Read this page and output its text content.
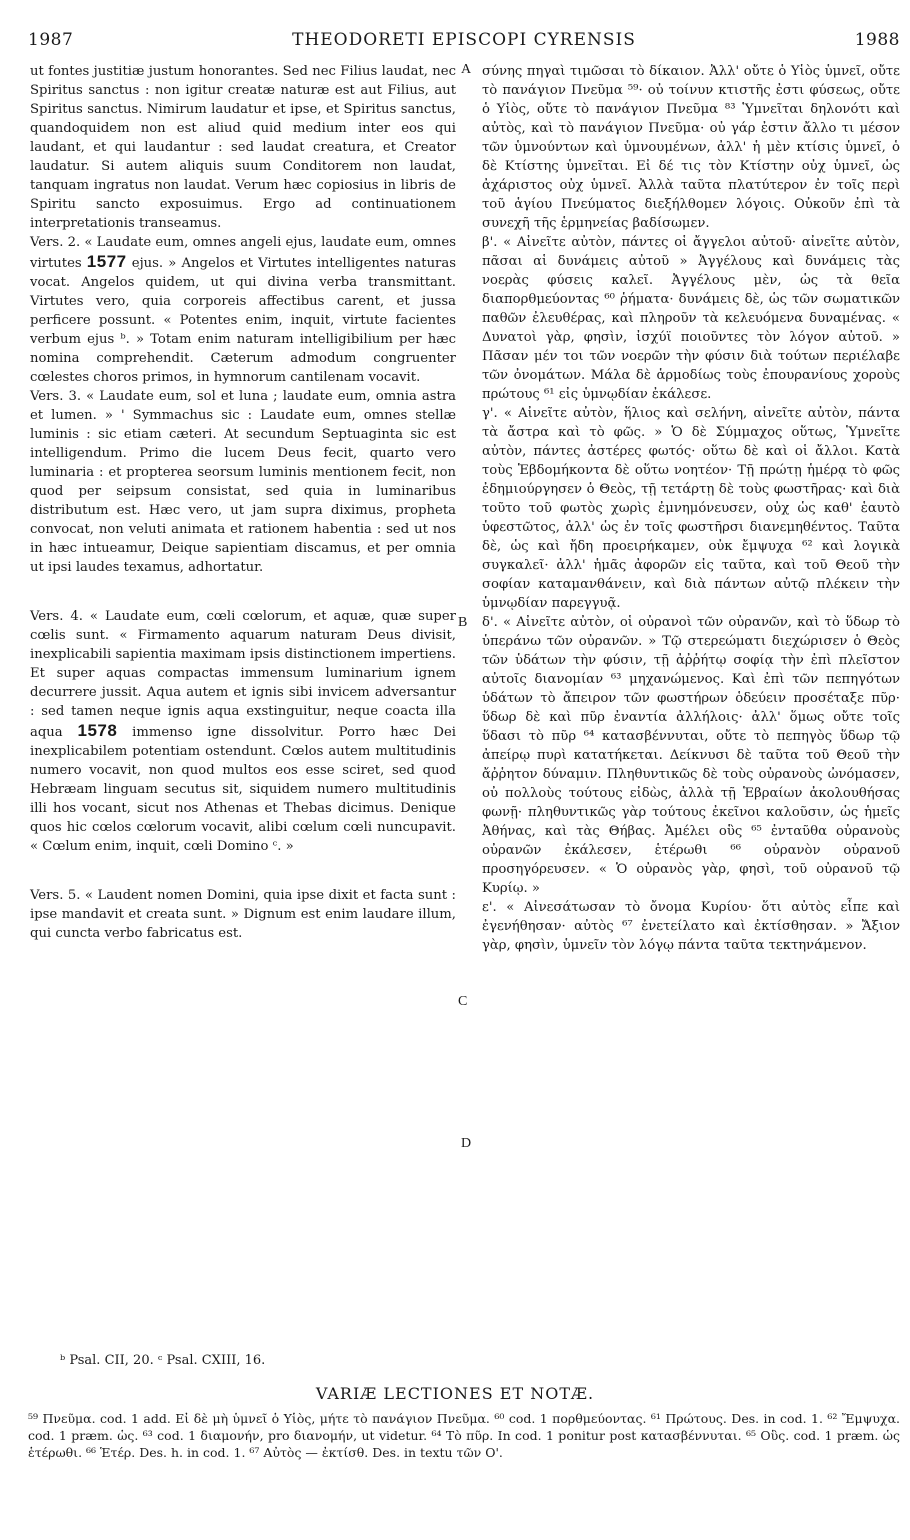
1987	THEODORETI EPISCOPI CYRENSIS	1988
A
B
C
D

ut fontes justitiæ justum honorantes. Sed nec Filius laudat, nec Spiritus sanctus : non igitur creatæ naturæ est aut Filius, aut Spiritus sanctus. Nimirum laudatur et ipse, et Spiritus sanctus, quandoquidem non est aliud quid medium inter eos qui laudant, et qui laudantur : sed laudat creatura, et Creator laudatur. Si autem aliquis suum Conditorem non laudat, tanquam ingratus non laudat. Verum hæc copiosius in libris de Spiritu sancto exposuimus. Ergo ad continuationem interpretationis transeamus.

Vers. 2. « Laudate eum, omnes angeli ejus, laudate eum, omnes virtutes 1577 ejus. » Angelos et Virtutes intelligentes naturas vocat. Angelos quidem, ut qui divina verba transmittant. Virtutes vero, quia corporeis affectibus carent, et jussa perficere possunt. « Potentes enim, inquit, virtute facientes verbum ejus ᵇ. » Totam enim naturam intelligibilium per hæc nomina comprehendit. Cæterum admodum congruenter cœlestes choros primos, in hymnorum cantilenam vocavit.

Vers. 3. « Laudate eum, sol et luna ; laudate eum, omnia astra et lumen. » ' Symmachus sic : Laudate eum, omnes stellæ luminis : sic etiam cæteri. At secundum Septuaginta sic est intelligendum. Primo die lucem Deus fecit, quarto vero luminaria : et propterea seorsum luminis mentionem fecit, non quod per seipsum consistat, sed quia in luminaribus distributum est. Hæc vero, ut jam supra diximus, propheta convocat, non veluti animata et rationem habentia : sed ut nos in hæc intueamur, Deique sapientiam discamus, et per omnia ut ipsi laudes texamus, adhortatur.

Vers. 4. « Laudate eum, cœli cœlorum, et aquæ, quæ super cœlis sunt. « Firmamento aquarum naturam Deus divisit, inexplicabili sapientia maximam ipsis distinctionem impertiens. Et super aquas compactas immensum luminarium ignem decurrere jussit. Aqua autem et ignis sibi invicem adversantur : sed tamen neque ignis aqua exstinguitur, neque coacta illa aqua 1578 immenso igne dissolvitur. Porro hæc Dei inexplicabilem potentiam ostendunt. Cœlos autem multitudinis numero vocavit, non quod multos eos esse sciret, sed quod Hebræam linguam secutus sit, siquidem numero multitudinis illi hos vocant, sicut nos Athenas et Thebas dicimus. Denique quos hic cœlos cœlorum vocavit, alibi cœlum cœli nuncupavit. « Cœlum enim, inquit, cœli Domino ᶜ. »

Vers. 5. « Laudent nomen Domini, quia ipse dixit et facta sunt : ipse mandavit et creata sunt. » Dignum est enim laudare illum, qui cuncta verbo fabricatus est.

ᵇ Psal. CII, 20. ᶜ Psal. CXIII, 16.

σύνης πηγαὶ τιμῶσαι τὸ δίκαιον. Ἀλλ' οὔτε ὁ Υἱὸς ὑμνεῖ, οὔτε τὸ πανάγιον Πνεῦμα ⁵⁹· οὐ τοίνυν κτιστῆς ἐστι φύσεως, οὔτε ὁ Υἱὸς, οὔτε τὸ πανάγιον Πνεῦμα ⁸³ Ὑμνεῖται δηλονότι καὶ αὐτὸς, καὶ τὸ πανάγιον Πνεῦμα· οὐ γάρ ἐστιν ἄλλο τι μέσον τῶν ὑμνούντων καὶ ὑμνουμένων, ἀλλ' ἡ μὲν κτίσις ὑμνεῖ, ὁ δὲ Κτίστης ὑμνεῖται. Εἰ δέ τις τὸν Κτίστην οὐχ ὑμνεῖ, ὡς ἀχάριστος οὐχ ὑμνεῖ. Ἀλλὰ ταῦτα πλατύτερον ἐν τοῖς περὶ τοῦ ἁγίου Πνεύματος διεξήλθομεν λόγοις. Οὐκοῦν ἐπὶ τὰ συνεχῆ τῆς ἑρμηνείας βαδίσωμεν.

β'. « Αἰνεῖτε αὐτὸν, πάντες οἱ ἄγγελοι αὐτοῦ· αἰνεῖτε αὐτὸν, πᾶσαι αἱ δυνάμεις αὐτοῦ » Ἀγγέλους καὶ δυνάμεις τὰς νοερὰς φύσεις καλεῖ. Ἀγγέλους μὲν, ὡς τὰ θεῖα διαπορθμεύοντας ⁶⁰ ῥήματα· δυνάμεις δὲ, ὡς τῶν σωματικῶν παθῶν ἐλευθέρας, καὶ πληροῦν τὰ κελευόμενα δυναμένας. « Δυνατοὶ γὰρ, φησὶν, ἰσχύϊ ποιοῦντες τὸν λόγον αὐτοῦ. » Πᾶσαν μέν τοι τῶν νοερῶν τὴν φύσιν διὰ τούτων περιέλαβε τῶν ὀνομάτων. Μάλα δὲ ἁρμοδίως τοὺς ἐπουρανίους χοροὺς πρώτους ⁶¹ εἰς ὑμνῳδίαν ἐκάλεσε.

γ'. « Αἰνεῖτε αὐτὸν, ἥλιος καὶ σελήνη, αἰνεῖτε αὐτὸν, πάντα τὰ ἄστρα καὶ τὸ φῶς. » Ὁ δὲ Σύμμαχος οὕτως, Ὑμνεῖτε αὐτὸν, πάντες ἀστέρες φωτός· οὕτω δὲ καὶ οἱ ἄλλοι. Κατὰ τοὺς Ἑβδομήκοντα δὲ οὕτω νοητέον· Τῇ πρώτῃ ἡμέρᾳ τὸ φῶς ἐδημιούργησεν ὁ Θεὸς, τῇ τετάρτῃ δὲ τοὺς φωστῆρας· καὶ διὰ τοῦτο τοῦ φωτὸς χωρὶς ἐμνημόνευσεν, οὐχ ὡς καθ' ἑαυτὸ ὑφεστῶτος, ἀλλ' ὡς ἐν τοῖς φωστῆρσι διανεμηθέντος. Ταῦτα δὲ, ὡς καὶ ἤδη προειρήκαμεν, οὐκ ἔμψυχα ⁶² καὶ λογικὰ συγκαλεῖ· ἀλλ' ἡμᾶς ἀφορῶν εἰς ταῦτα, καὶ τοῦ Θεοῦ τὴν σοφίαν καταμανθάνειν, καὶ διὰ πάντων αὐτῷ πλέκειν τὴν ὑμνῳδίαν παρεγγυᾷ.

δ'. « Αἰνεῖτε αὐτὸν, οἱ οὐρανοὶ τῶν οὐρανῶν, καὶ τὸ ὕδωρ τὸ ὑπεράνω τῶν οὐρανῶν. » Τῷ στερεώματι διεχώρισεν ὁ Θεὸς τῶν ὑδάτων τὴν φύσιν, τῇ ἀῤῥήτῳ σοφίᾳ τὴν ἐπὶ πλεῖστον αὐτοῖς διανομίαν ⁶³ μηχανώμενος. Καὶ ἐπὶ τῶν πεπηγότων ὑδάτων τὸ ἄπειρον τῶν φωστήρων ὁδεύειν προσέταξε πῦρ· ὕδωρ δὲ καὶ πῦρ ἐναντία ἀλλήλοις· ἀλλ' ὅμως οὔτε τοῖς ὕδασι τὸ πῦρ ⁶⁴ κατασβέννυται, οὔτε τὸ πεπηγὸς ὕδωρ τῷ ἀπείρῳ πυρὶ κατατήκεται. Δείκνυσι δὲ ταῦτα τοῦ Θεοῦ τὴν ἄῤῥητον δύναμιν. Πληθυντικῶς δὲ τοὺς οὐρανοὺς ὠνόμασεν, οὐ πολλοὺς τούτους εἰδὼς, ἀλλὰ τῇ Ἑβραίων ἀκολουθήσας φωνῇ· πληθυντικῶς γὰρ τούτους ἐκεῖνοι καλοῦσιν, ὡς ἡμεῖς Ἀθήνας, καὶ τὰς Θήβας. Ἀμέλει οὓς ⁶⁵ ἐνταῦθα οὐρανοὺς οὐρανῶν ἐκάλεσεν, ἑτέρωθι ⁶⁶ οὐρανὸν οὐρανοῦ προσηγόρευσεν. « Ὁ οὐρανὸς γὰρ, φησὶ, τοῦ οὐρανοῦ τῷ Κυρίῳ. »

ε'. « Αἰνεσάτωσαν τὸ ὄνομα Κυρίου· ὅτι αὐτὸς εἶπε καὶ ἐγενήθησαν· αὐτὸς ⁶⁷ ἐνετείλατο καὶ ἐκτίσθησαν. » Ἄξιον γὰρ, φησὶν, ὑμνεῖν τὸν λόγῳ πάντα ταῦτα τεκτηνάμενον.

VARIÆ LECTIONES ET NOTÆ.

⁵⁹ Πνεῦμα. cod. 1 add. Εἰ δὲ μὴ ὑμνεῖ ὁ Υἱὸς, μήτε τὸ πανάγιον Πνεῦμα. ⁶⁰ cod. 1 πορθμεύοντας. ⁶¹ Πρώτους. Des. in cod. 1. ⁶² Ἔμψυχα. cod. 1 præm. ὡς. ⁶³ cod. 1 διαμονήν, pro διανομήν, ut videtur. ⁶⁴ Τὸ πῦρ. In cod. 1 ponitur post κατασβέννυται. ⁶⁵ Οὓς. cod. 1 præm. ὡς ἑτέρωθι. ⁶⁶ Ἑτέρ. Des. h. in cod. 1. ⁶⁷ Αὐτὸς — ἐκτίσθ. Des. in textu τῶν Ο'.
